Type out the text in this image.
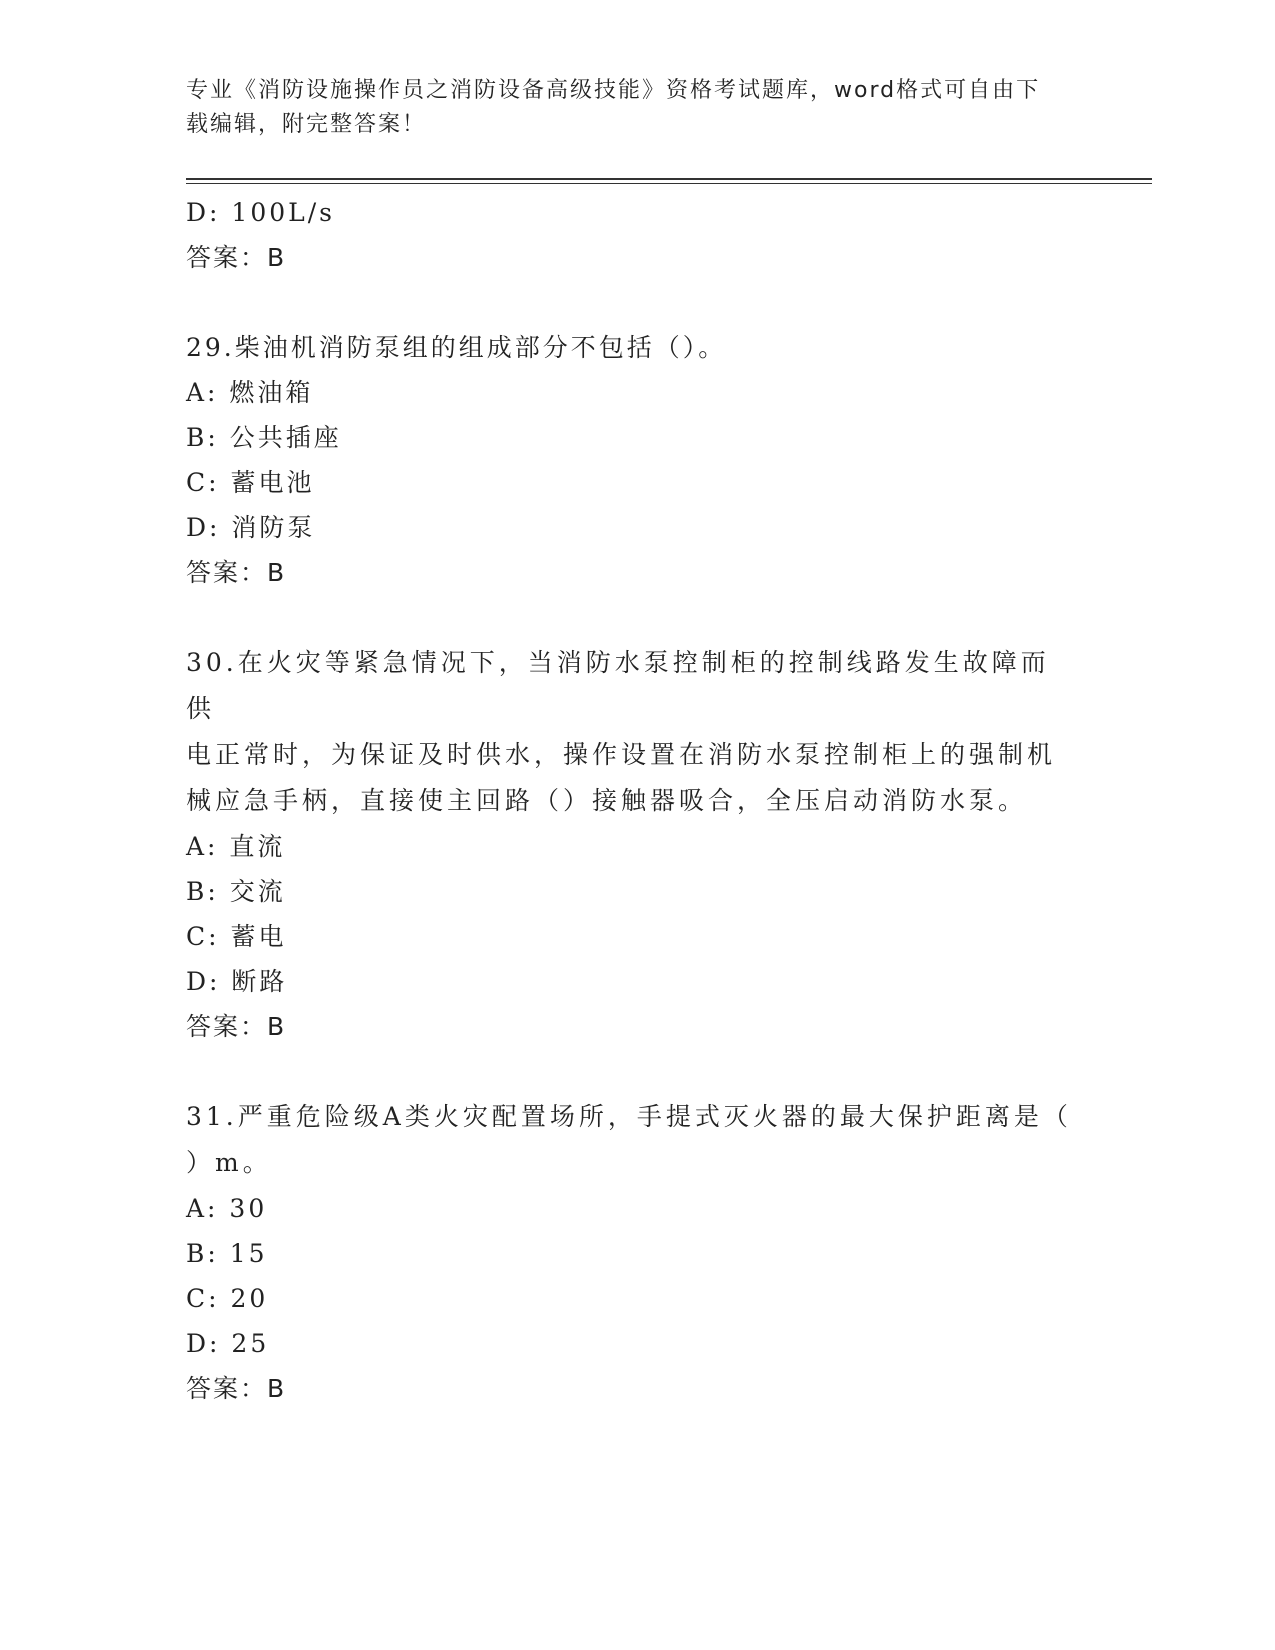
专业《消防设施操作员之消防设备高级技能》资格考试题库，word格式可自由下
载编辑，附完整答案！
D: 100L/s
答案：B
29.柴油机消防泵组的组成部分不包括（）。
A: 燃油箱
B: 公共插座
C: 蓄电池
D: 消防泵
答案：B
30.在火灾等紧急情况下，当消防水泵控制柜的控制线路发生故障而供
电正常时，为保证及时供水，操作设置在消防水泵控制柜上的强制机
械应急手柄，直接使主回路（）接触器吸合，全压启动消防水泵。
A: 直流
B: 交流
C: 蓄电
D: 断路
答案：B
31.严重危险级A类火灾配置场所，手提式灭火器的最大保护距离是（
）m。
A: 30
B: 15
C: 20
D: 25
答案：B
